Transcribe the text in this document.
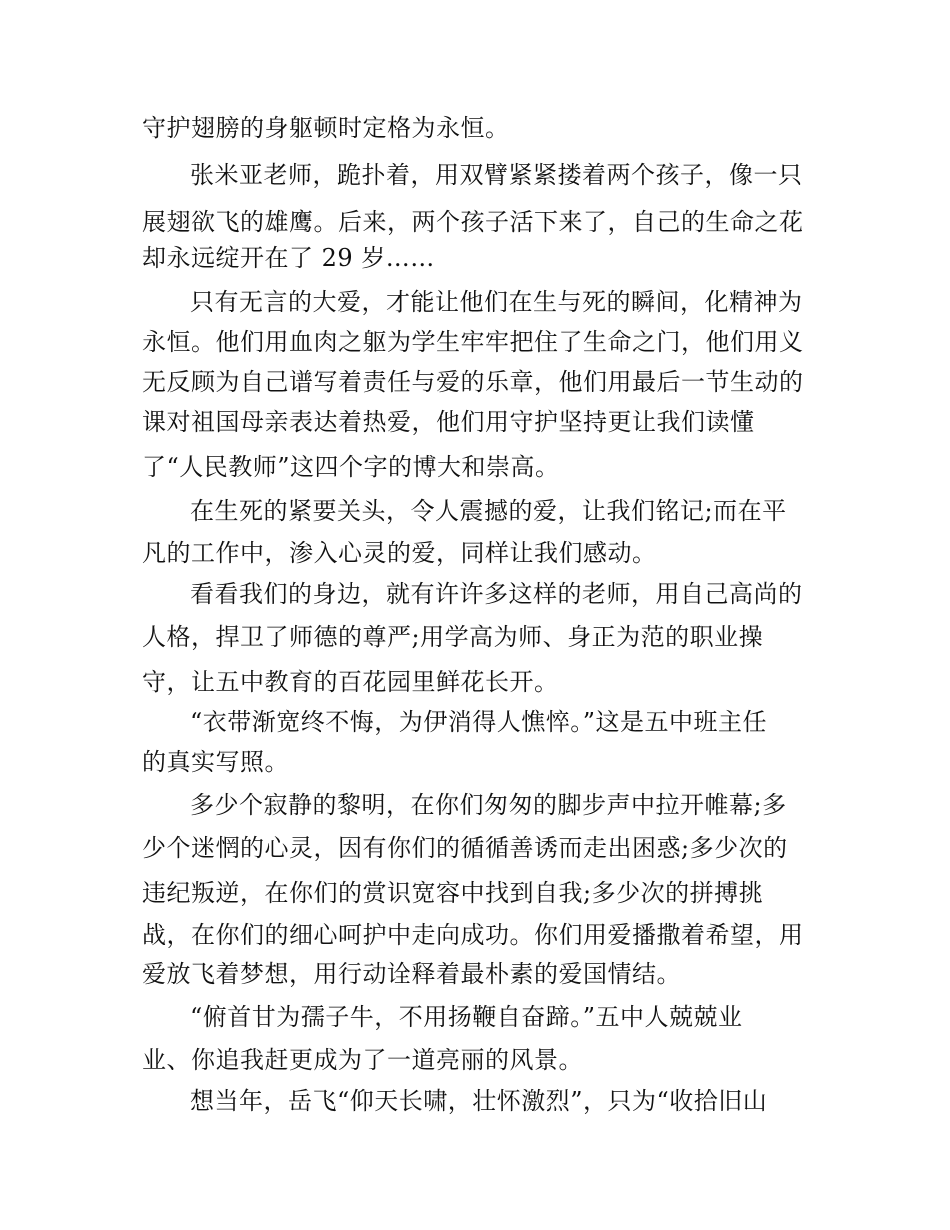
守护翅膀的身躯顿时定格为永恒。
张米亚老师，跪扑着，用双臂紧紧搂着两个孩子，像一只
展翅欲飞的雄鹰。后来，两个孩子活下来了，自己的生命之花
却永远绽开在了 29 岁……
只有无言的大爱，才能让他们在生与死的瞬间，化精神为
永恒。他们用血肉之躯为学生牢牢把住了生命之门，他们用义
无反顾为自己谱写着责任与爱的乐章，他们用最后一节生动的
课对祖国母亲表达着热爱，他们用守护坚持更让我们读懂
了“人民教师”这四个字的博大和崇高。
在生死的紧要关头，令人震撼的爱，让我们铭记;而在平
凡的工作中，渗入心灵的爱，同样让我们感动。
看看我们的身边，就有许许多这样的老师，用自己高尚的
人格，捍卫了师德的尊严;用学高为师、身正为范的职业操
守，让五中教育的百花园里鲜花长开。
“衣带渐宽终不悔，为伊消得人憔悴。”这是五中班主任
的真实写照。
多少个寂静的黎明，在你们匆匆的脚步声中拉开帷幕;多
少个迷惘的心灵，因有你们的循循善诱而走出困惑;多少次的
违纪叛逆，在你们的赏识宽容中找到自我;多少次的拼搏挑
战，在你们的细心呵护中走向成功。你们用爱播撒着希望，用
爱放飞着梦想，用行动诠释着最朴素的爱国情结。
“俯首甘为孺子牛，不用扬鞭自奋蹄。”五中人兢兢业
业、你追我赶更成为了一道亮丽的风景。
想当年，岳飞“仰天长啸，壮怀激烈”，只为“收拾旧山
